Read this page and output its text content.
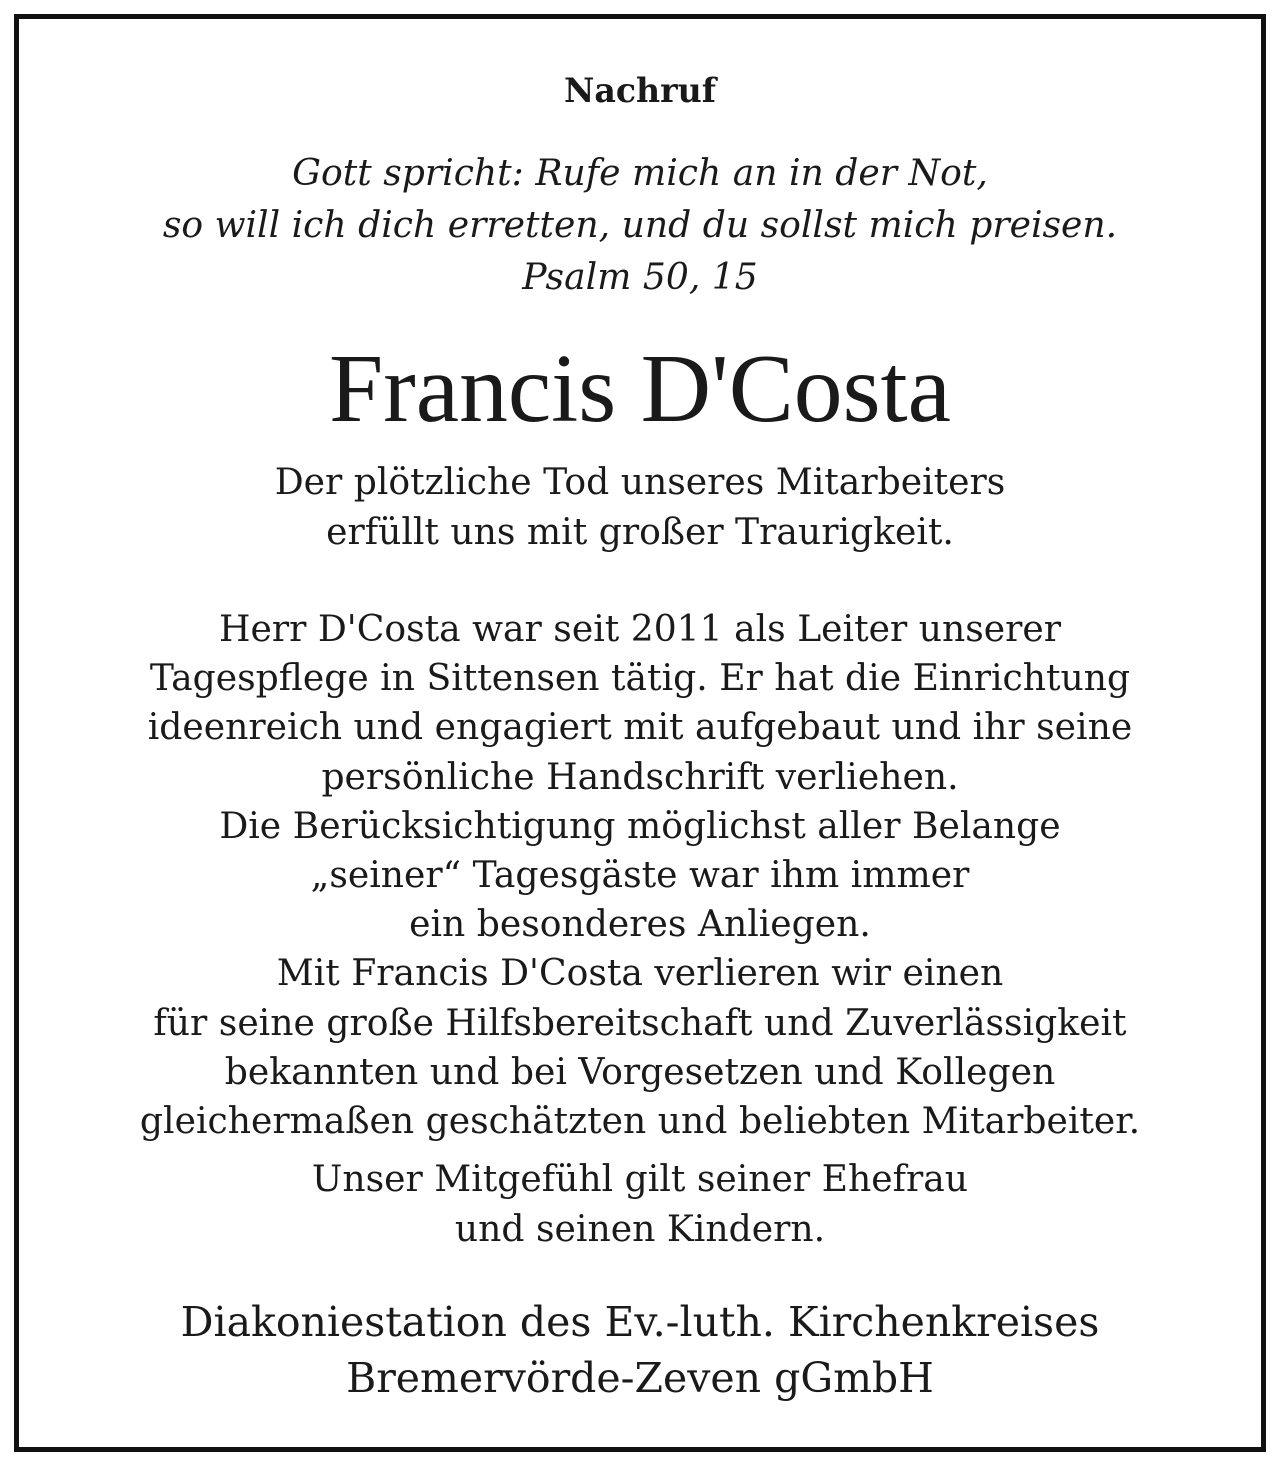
Nachruf
Gott spricht: Rufe mich an in der Not,
so will ich dich erretten, und du sollst mich preisen.
Psalm 50, 15
Francis D'Costa
Der plötzliche Tod unseres Mitarbeiters
erfüllt uns mit großer Traurigkeit.
Herr D'Costa war seit 2011 als Leiter unserer
Tagespflege in Sittensen tätig. Er hat die Einrichtung
ideenreich und engagiert mit aufgebaut und ihr seine
persönliche Handschrift verliehen.
Die Berücksichtigung möglichst aller Belange
„seiner“ Tagesgäste war ihm immer
ein besonderes Anliegen.
Mit Francis D'Costa verlieren wir einen
für seine große Hilfsbereitschaft und Zuverlässigkeit
bekannten und bei Vorgesetzen und Kollegen
gleichermaßen geschätzten und beliebten Mitarbeiter.
Unser Mitgefühl gilt seiner Ehefrau
und seinen Kindern.
Diakoniestation des Ev.-luth. Kirchenkreises
Bremervörde-Zeven gGmbH
